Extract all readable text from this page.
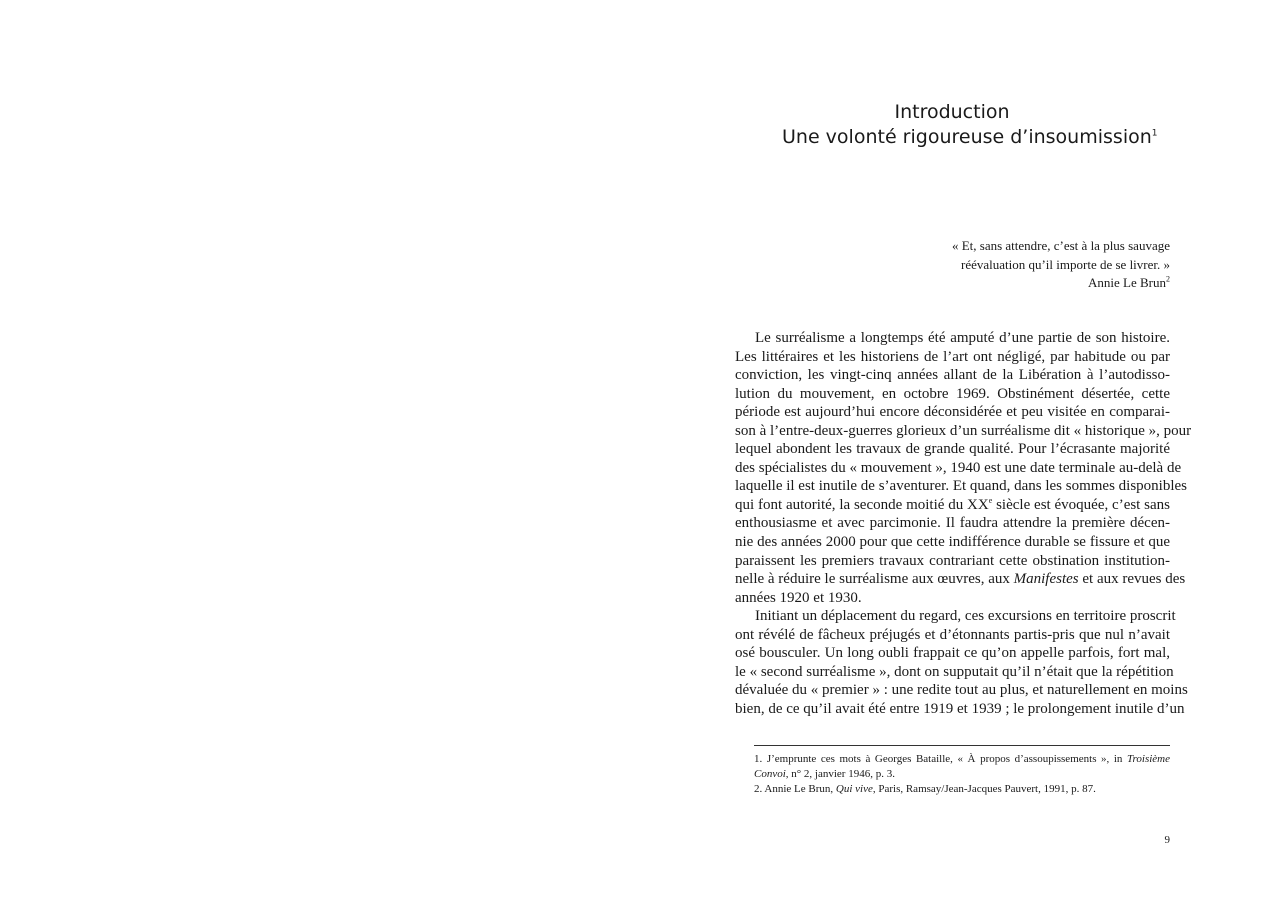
Introduction
Une volonté rigoureuse d’insoumission$^1$
« Et, sans attendre, c’est à la plus sauvage
réévaluation qu’il importe de se livrer. »
Annie Le Brun$^2$
Le surréalisme a longtemps été amputé d’une partie de son histoire.
Les littéraires et les historiens de l’art ont négligé, par habitude ou par
conviction, les vingt-cinq années allant de la Libération à l’autodisso-
lution du mouvement, en octobre 1969. Obstinément désertée, cette
période est aujourd’hui encore déconsidérée et peu visitée en comparai-
son à l’entre-deux-guerres glorieux d’un surréalisme dit « historique », pour
lequel abondent les travaux de grande qualité. Pour l’écrasante majorité
des spécialistes du « mouvement », 1940 est une date terminale au-delà de
laquelle il est inutile de s’aventurer. Et quand, dans les sommes disponibles
qui font autorité, la seconde moitié du XXe siècle est évoquée, c’est sans
enthousiasme et avec parcimonie. Il faudra attendre la première décen-
nie des années 2000 pour que cette indifférence durable se fissure et que
paraissent les premiers travaux contrariant cette obstination institution-
nelle à réduire le surréalisme aux œuvres, aux Manifestes et aux revues des
années 1920 et 1930.
Initiant un déplacement du regard, ces excursions en territoire proscrit
ont révélé de fâcheux préjugés et d’étonnants partis-pris que nul n’avait
osé bousculer. Un long oubli frappait ce qu’on appelle parfois, fort mal,
le « second surréalisme », dont on supputait qu’il n’était que la répétition
dévaluée du « premier » : une redite tout au plus, et naturellement en moins
bien, de ce qu’il avait été entre 1919 et 1939 ; le prolongement inutile d’un
1. J’emprunte ces mots à Georges Bataille, « À propos d’assoupissements », in Troisième
Convoi, n° 2, janvier 1946, p. 3.
2. Annie Le Brun, Qui vive, Paris, Ramsay/Jean-Jacques Pauvert, 1991, p. 87.
9
